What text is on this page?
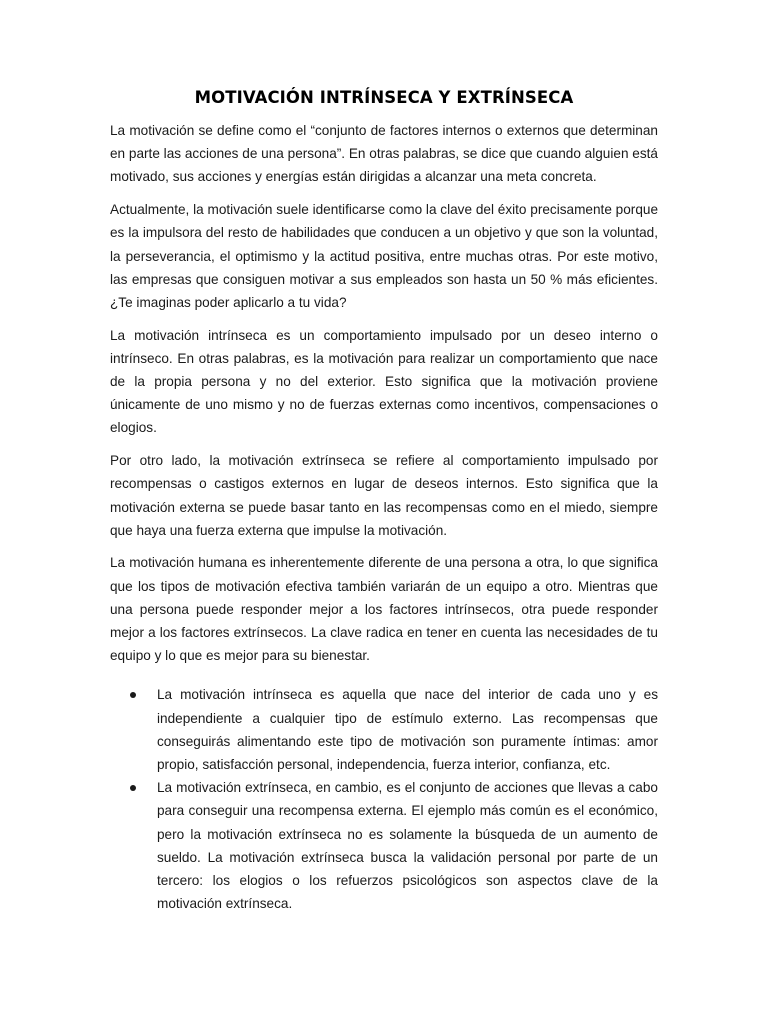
MOTIVACIÓN INTRÍNSECA Y EXTRÍNSECA

La motivación se define como el “conjunto de factores internos o externos que determinan en parte las acciones de una persona”. En otras palabras, se dice que cuando alguien está motivado, sus acciones y energías están dirigidas a alcanzar una meta concreta.

Actualmente, la motivación suele identificarse como la clave del éxito precisamente porque es la impulsora del resto de habilidades que conducen a un objetivo y que son la voluntad, la perseverancia, el optimismo y la actitud positiva, entre muchas otras. Por este motivo, las empresas que consiguen motivar a sus empleados son hasta un 50 % más eficientes. ¿Te imaginas poder aplicarlo a tu vida?

La motivación intrínseca es un comportamiento impulsado por un deseo interno o intrínseco. En otras palabras, es la motivación para realizar un comportamiento que nace de la propia persona y no del exterior. Esto significa que la motivación proviene únicamente de uno mismo y no de fuerzas externas como incentivos, compensaciones o elogios.

Por otro lado, la motivación extrínseca se refiere al comportamiento impulsado por recompensas o castigos externos en lugar de deseos internos. Esto significa que la motivación externa se puede basar tanto en las recompensas como en el miedo, siempre que haya una fuerza externa que impulse la motivación.

La motivación humana es inherentemente diferente de una persona a otra, lo que significa que los tipos de motivación efectiva también variarán de un equipo a otro. Mientras que una persona puede responder mejor a los factores intrínsecos, otra puede responder mejor a los factores extrínsecos. La clave radica en tener en cuenta las necesidades de tu equipo y lo que es mejor para su bienestar.

La motivación intrínseca es aquella que nace del interior de cada uno y es independiente a cualquier tipo de estímulo externo. Las recompensas que conseguirás alimentando este tipo de motivación son puramente íntimas: amor propio, satisfacción personal, independencia, fuerza interior, confianza, etc.
La motivación extrínseca, en cambio, es el conjunto de acciones que llevas a cabo para conseguir una recompensa externa. El ejemplo más común es el económico, pero la motivación extrínseca no es solamente la búsqueda de un aumento de sueldo. La motivación extrínseca busca la validación personal por parte de un tercero: los elogios o los refuerzos psicológicos son aspectos clave de la motivación extrínseca.
